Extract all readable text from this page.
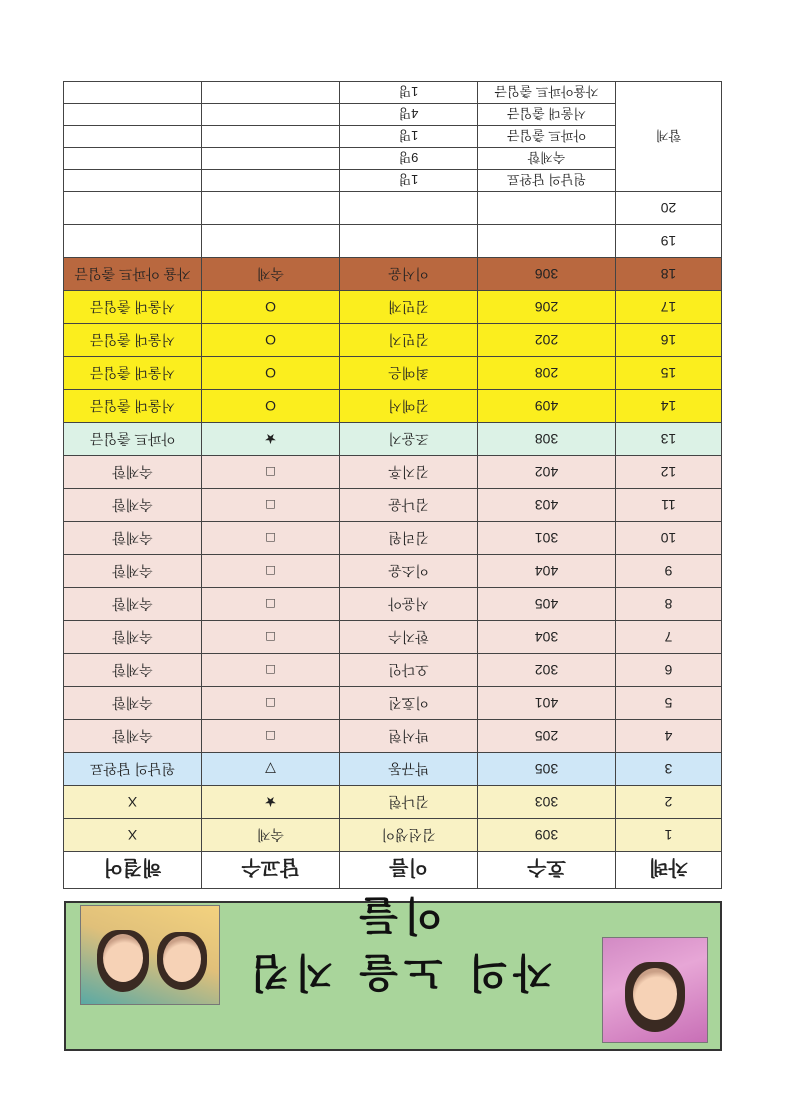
자의 노을 지킴이들
차례	호수	이름	답교수	해결어
1	309	김선생이	숙제	X
2	303	김나현	★	X
3	305	박규동	▽	원남의 답완료
4	205	박서현	□	숙제함
5	401	이호진	□	숙제함
6	302	오다인	□	숙제함
7	304	한지수	□	숙제함
8	405	서윤아	□	숙제함
9	404	이소윤	□	숙제함
10	301	김리원	□	숙제함
11	403	김나윤	□	숙제함
12	402	김지후	□	숙제함
13	308	조윤지	★	아파트 출입금
14	409	김예서	O	서울대 출입금
15	208	최예은	O	서울대 출입금
16	202	김민지	O	서울대 출입금
17	206	김민재	O	서울대 출입금
18	306	이서윤	숙제	자율 아파트 출입금
19				
20				
합계	원남의 답완료	1명		
	숙제함	9명		
	아파트 출입금	1명		
	서울대 출입금	4명		
	자율아파트 출입금	1명		
